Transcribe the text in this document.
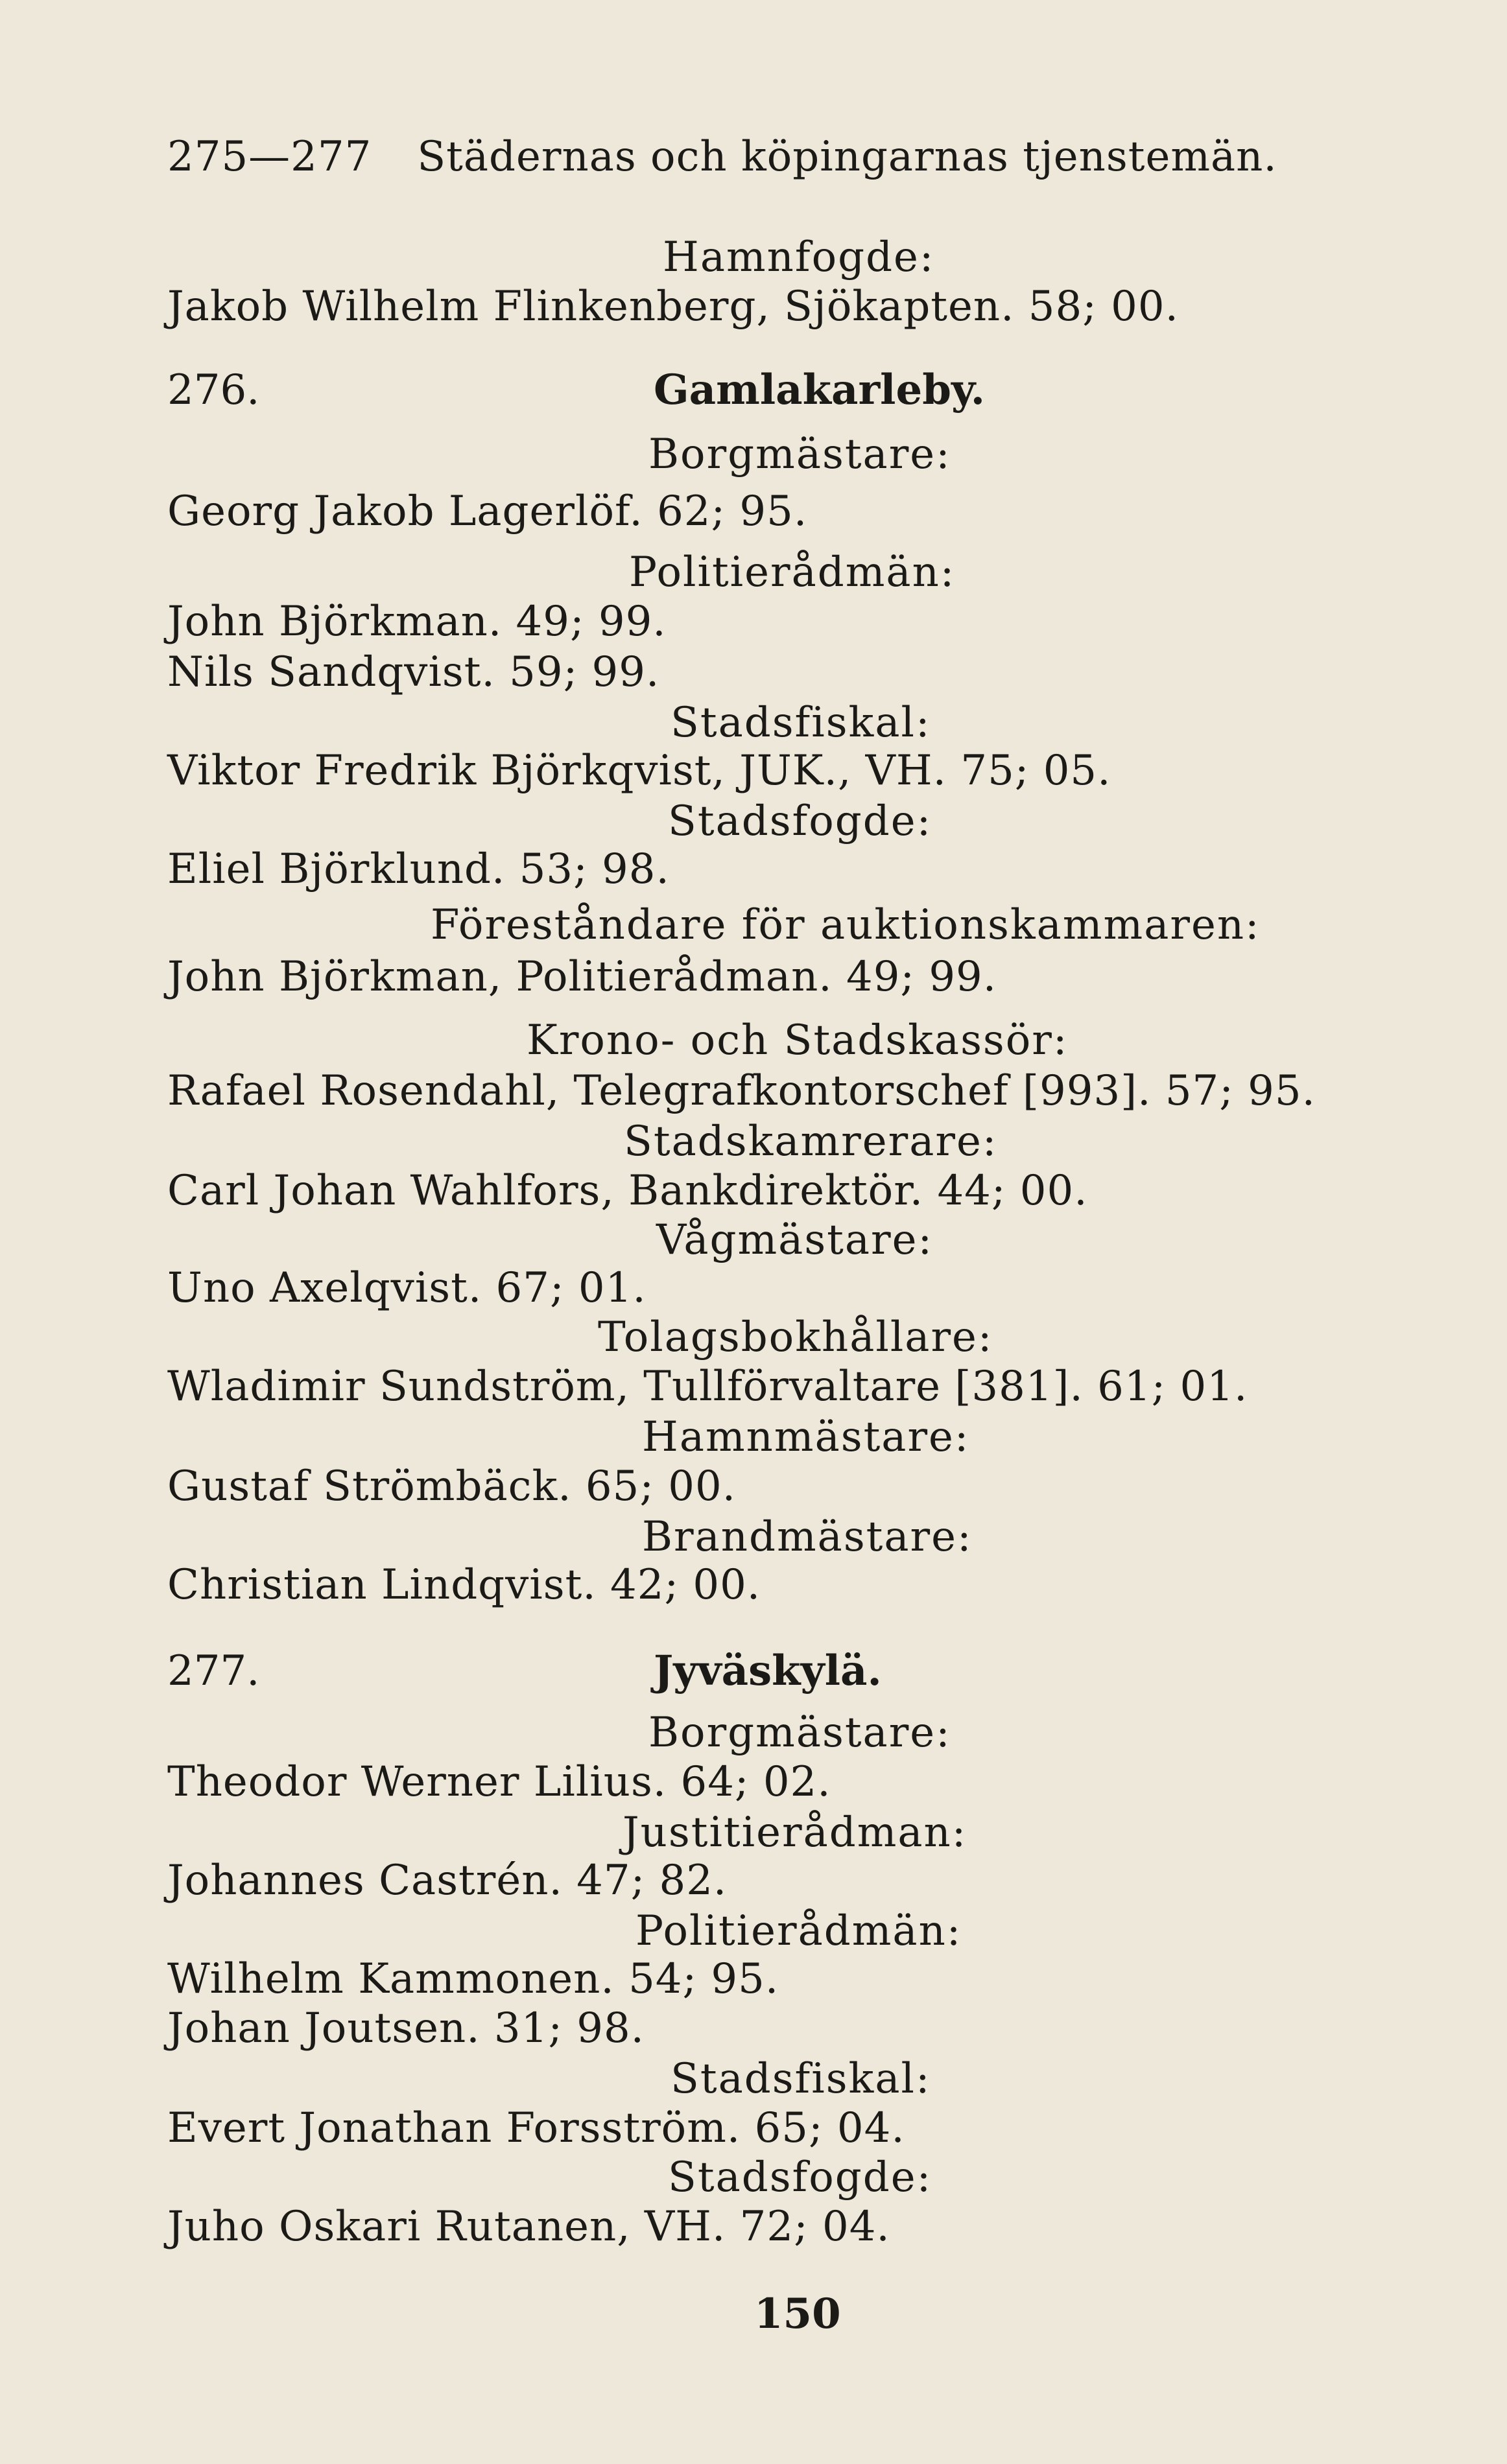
275—277 Städernas och köpingarnas tjenstemän.
Hamnfogde:
Jakob Wilhelm Flinkenberg, Sjökapten. 58; 00.
276.	Gamlakarleby.
Borgmästare:
Georg Jakob Lagerlöf. 62; 95.
Politierådmän:
John Björkman. 49; 99.
Nils Sandqvist. 59; 99.
Stadsfiskal:
Viktor Fredrik Björkqvist, JUK., VH. 75; 05.
Stadsfogde:
Eliel Björklund. 53; 98.
Föreståndare för auktionskammaren:
John Björkman, Politierådman. 49; 99.
Krono- och Stadskassör:
Rafael Rosendahl, Telegrafkontorschef [993]. 57; 95.
Stadskamrerare:
Carl Johan Wahlfors, Bankdirektör. 44; 00.
Vågmästare:
Uno Axelqvist. 67; 01.
Tolagsbokhållare:
Wladimir Sundström, Tullförvaltare [381]. 61; 01.
Hamnmästare:
Gustaf Strömbäck. 65; 00.
Brandmästare:
Christian Lindqvist. 42; 00.
277.	Jyväskylä.
Borgmästare:
Theodor Werner Lilius. 64; 02.
Justitierådman:
Johannes Castrén. 47; 82.
Politierådmän:
Wilhelm Kammonen. 54; 95.
Johan Joutsen. 31; 98.
Stadsfiskal:
Evert Jonathan Forsström. 65; 04.
Stadsfogde:
Juho Oskari Rutanen, VH. 72; 04.
150
